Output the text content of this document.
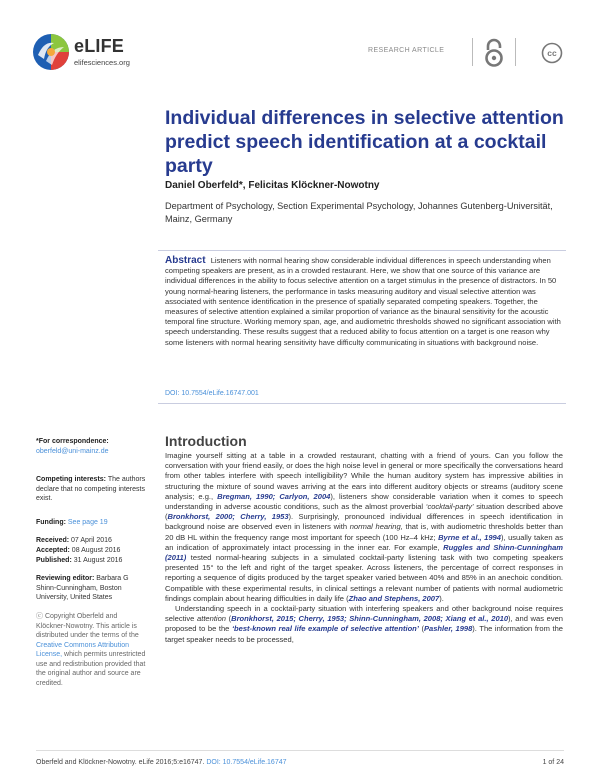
eLIFE
elifesciences.org
RESEARCH ARTICLE	cc
Individual differences in selective attention predict speech identification at a cocktail party
Daniel Oberfeld*, Felicitas Klöckner-Nowotny
Department of Psychology, Section Experimental Psychology, Johannes Gutenberg-Universität, Mainz, Germany

Abstract Listeners with normal hearing show considerable individual differences in speech understanding when competing speakers are present, as in a crowded restaurant. Here, we show that one source of this variance are individual differences in the ability to focus selective attention on a target stimulus in the presence of distractors. In 50 young normal-hearing listeners, the performance in tasks measuring auditory and visual selective attention was associated with sentence identification in the presence of spatially separated competing speakers. Together, the measures of selective attention explained a similar proportion of variance as the binaural sensitivity for the acoustic temporal fine structure. Working memory span, age, and audiometric thresholds showed no significant association with speech understanding. These results suggest that a reduced ability to focus attention on a target is one reason why some listeners with normal hearing sensitivity have difficulty communicating in situations with background noise.

DOI: 10.7554/eLife.16747.001
*For correspondence: oberfeld@uni-mainz.de
Competing interests: The authors declare that no competing interests exist.
Funding: See page 19
Received: 07 April 2016
Accepted: 08 August 2016
Published: 31 August 2016
Reviewing editor: Barbara G Shinn-Cunningham, Boston University, United States
ⓒ Copyright Oberfeld and Klöckner-Nowotny. This article is distributed under the terms of the Creative Commons Attribution License, which permits unrestricted use and redistribution provided that the original author and source are credited.
Introduction

Imagine yourself sitting at a table in a crowded restaurant, chatting with a friend of yours. Can you follow the conversation with your friend easily, or does the high noise level in general or more specifically the conversations heard from other tables interfere with speech intelligibility? While the human auditory system has impressive abilities in structuring the mixture of sound waves arriving at the ears into different auditory objects or streams (auditory scene analysis; e.g., Bregman, 1990; Carlyon, 2004), listeners show considerable variation when it comes to speech understanding in adverse acoustic conditions, such as the almost proverbial ‘cocktail-party’ situation described above (Bronkhorst, 2000; Cherry, 1953). Surprisingly, pronounced individual differences in speech identification in background noise are observed even in listeners with normal hearing, that is, with audiometric thresholds better than 20 dB HL within the frequency range most important for speech (100 Hz–4 kHz; Byrne et al., 1994), usually taken as an indication of approximately intact processing in the inner ear. For example, Ruggles and Shinn-Cunningham (2011) tested normal-hearing subjects in a simulated cocktail-party listening task with two competing speakers presented 15° to the left and right of the target speaker. Across listeners, the percentage of correct responses in reporting a sequence of digits produced by the target speaker varied between 40% and 85% in an anechoic condition. Compatible with these experimental results, in clinical settings a relevant number of patients with normal audiometric findings complain about hearing difficulties in daily life (Zhao and Stephens, 2007).

Understanding speech in a cocktail-party situation with interfering speakers and other background noise requires selective attention (Bronkhorst, 2015; Cherry, 1953; Shinn-Cunningham, 2008; Xiang et al., 2010), and was even proposed to be the ‘best-known real life example of selective attention’ (Pashler, 1998). The information from the target speaker needs to be processed,

Oberfeld and Klöckner-Nowotny. eLife 2016;5:e16747. DOI: 10.7554/eLife.16747	1 of 24
